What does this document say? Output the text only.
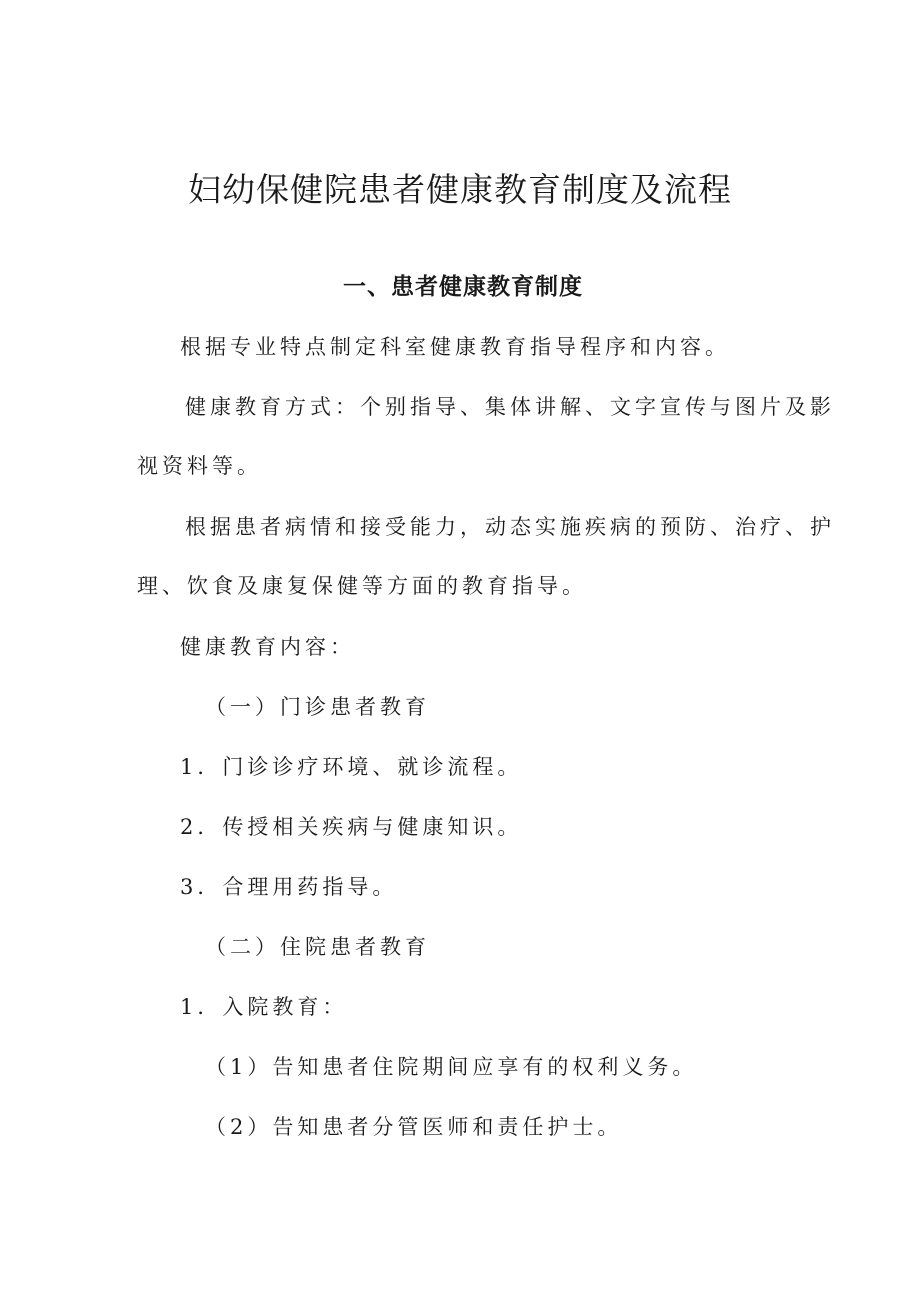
妇幼保健院患者健康教育制度及流程
一、患者健康教育制度
根据专业特点制定科室健康教育指导程序和内容。
健康教育方式：个别指导、集体讲解、文字宣传与图片及影
视资料等。
根据患者病情和接受能力，动态实施疾病的预防、治疗、护
理、饮食及康复保健等方面的教育指导。
健康教育内容：
（一）门诊患者教育
1．门诊诊疗环境、就诊流程。
2．传授相关疾病与健康知识。
3．合理用药指导。
（二）住院患者教育
1．入院教育：
（1）告知患者住院期间应享有的权利义务。
（2）告知患者分管医师和责任护士。
